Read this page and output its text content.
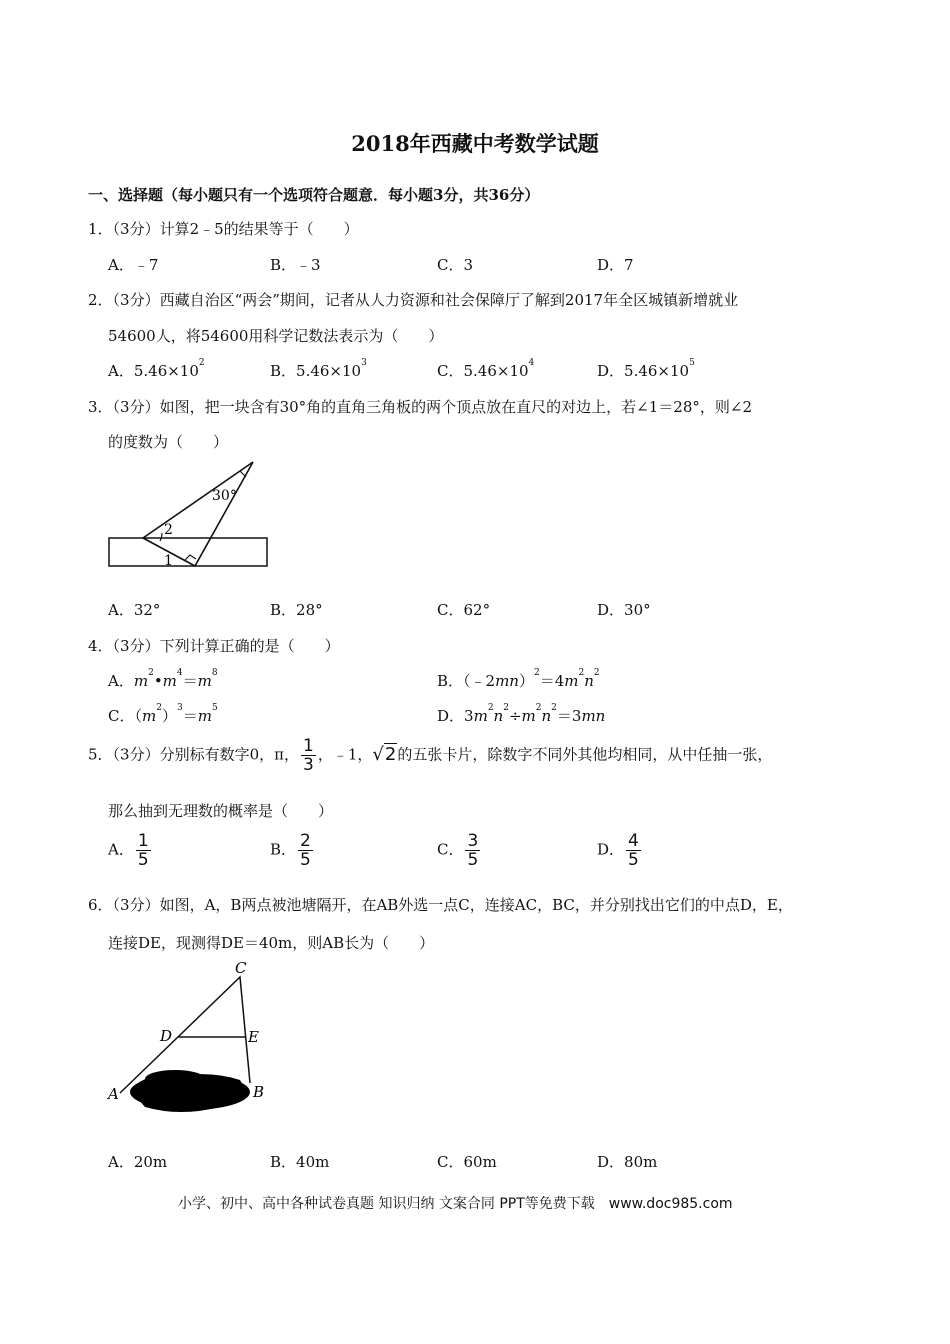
2018年西藏中考数学试题
一、选择题（每小题只有一个选项符合题意．每小题3分，共36分）
1．（3分）计算2﹣5的结果等于（　　）
A．﹣7	B．﹣3	C．3	D．7
2．（3分）西藏自治区“两会”期间，记者从人力资源和社会保障厅了解到2017年全区城镇新增就业
54600人，将54600用科学记数法表示为（　　）
A．$5.46\times 10^2$	B．$5.46\times 10^3$	C．$5.46\times 10^4$	D．$5.46\times 10^5$
3．（3分）如图，把一块含有30°角的直角三角板的两个顶点放在直尺的对边上，若∠1＝28°，则∠2
的度数为（　　）
30°
2
1
A．32°	B．28°	C．62°	D．30°
4．（3分）下列计算正确的是（　　）
A．$m^2•m^4=m^8$	B．$(﹣2mn)^2=4m^2n^2$
C．$(m^2)^3=m^5$	D．$3m^2n^2\div m^2n^2=3mn$
5．（3分）分别标有数字0，π， $\frac{1}{3}$ ，﹣1，√2的五张卡片，除数字不同外其他均相同，从中任抽一张，
那么抽到无理数的概率是（　　）
A． $\frac{1}{5}$	B． $\frac{2}{5}$	C． $\frac{3}{5}$	D． $\frac{4}{5}$
6．（3分）如图，A，B两点被池塘隔开，在AB外选一点C，连接AC，BC，并分别找出它们的中点D，E，
连接DE，现测得DE＝40m，则AB长为（　　）
C
D	E
A	B
A．20m	B．40m	C．60m	D．80m
小学、初中、高中各种试卷真题 知识归纳 文案合同 PPT等免费下载　www.doc985.com
